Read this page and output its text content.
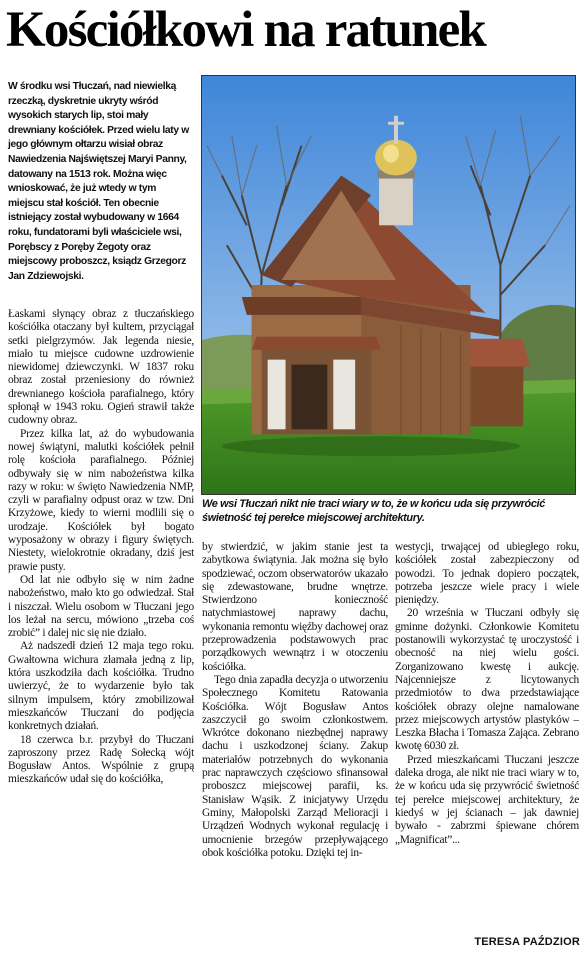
Kościółkowi na ratunek
W środku wsi Tłuczań, nad niewielką rzeczką, dyskretnie ukryty wśród wysokich starych lip, stoi mały drewniany kościółek. Przed wielu laty w jego głównym ołtarzu wisiał obraz Nawiedzenia Najświętszej Maryi Panny, datowany na 1513 rok. Można więc wnioskować, że już wtedy w tym miejscu stał kościół. Ten obecnie istniejący został wybudowany w 1664 roku, fundatorami byli właściciele wsi, Porębscy z Poręby Żegoty oraz miejscowy proboszcz, ksiądz Grzegorz Jan Zdziewojski.

Łaskami słynący obraz z tłuczańskiego kościółka otaczany był kultem, przyciągał setki pielgrzymów. Jak legenda niesie, miało tu miejsce cudowne uzdrowienie niewidomej dziewczynki. W 1837 roku obraz został przeniesiony do również drewnianego kościoła parafialnego, który spłonął w 1943 roku. Ogień strawił także cudowny obraz.

Przez kilka lat, aż do wybudowania nowej świątyni, malutki kościółek pełnił rolę kościoła parafialnego. Później odbywały się w nim nabożeństwa kilka razy w roku: w święto Nawiedzenia NMP, czyli w parafialny odpust oraz w tzw. Dni Krzyżowe, kiedy to wierni modlili się o urodzaje. Kościółek był bogato wyposażony w obrazy i figury świętych. Niestety, wielokrotnie okradany, dziś jest prawie pusty.

Od lat nie odbyło się w nim żadne nabożeństwo, mało kto go odwiedzał. Stał i niszczał. Wielu osobom w Tłuczani jego los leżał na sercu, mówiono „trzeba coś zrobić” i dalej nic się nie działo.

Aż nadszedł dzień 12 maja tego roku. Gwałtowna wichura złamała jedną z lip, która uszkodziła dach kościółka. Trudno uwierzyć, że to wydarzenie było tak silnym impulsem, który zmobilizował mieszkańców Tłuczani do podjęcia konkretnych działań.

18 czerwca b.r. przybył do Tłuczani zaproszony przez Radę Sołecką wójt Bogusław Antos. Wspólnie z grupą mieszkańców udał się do kościółka,

We wsi Tłuczań nikt nie traci wiary w to, że w końcu uda się przywrócić świetność tej perełce miejscowej architektury.

by stwierdzić, w jakim stanie jest ta zabytkowa świątynia. Jak można się było spodziewać, oczom obserwatorów ukazało się zdewastowane, brudne wnętrze. Stwierdzono konieczność natychmiastowej naprawy dachu, wykonania remontu więźby dachowej oraz przeprowadzenia podstawowych prac porządkowych wewnątrz i w otoczeniu kościółka.

Tego dnia zapadła decyzja o utworzeniu Społecznego Komitetu Ratowania Kościółka. Wójt Bogusław Antos zaszczycił go swoim członkostwem. Wkrótce dokonano niezbędnej naprawy dachu i uszkodzonej ściany. Zakup materiałów potrzebnych do wykonania prac naprawczych częściowo sfinansował proboszcz miejscowej parafii, ks. Stanisław Wąsik. Z inicjatywy Urzędu Gminy, Małopolski Zarząd Melioracji i Urządzeń Wodnych wykonał regulację i umocnienie brzegów przepływającego obok kościółka potoku. Dzięki tej in-

westycji, trwającej od ubiegłego roku, kościółek został zabezpieczony od powodzi. To jednak dopiero początek, potrzeba jeszcze wiele pracy i wiele pieniędzy.

20 września w Tłuczani odbyły się gminne dożynki. Członkowie Komitetu postanowili wykorzystać tę uroczystość i obecność na niej wielu gości. Zorganizowano kwestę i aukcję. Najcenniejsze z licytowanych przedmiotów to dwa przedstawiające kościółek obrazy olejne namalowane przez miejscowych artystów plastyków – Leszka Błacha i Tomasza Zająca. Zebrano kwotę 6030 zł.

Przed mieszkańcami Tłuczani jeszcze daleka droga, ale nikt nie traci wiary w to, że w końcu uda się przywrócić świetność tej perełce miejscowej architektury, że kiedyś w jej ścianach – jak dawniej bywało - zabrzmi śpiewane chórem „Magnificat”...

TERESA PAŹDZIOR
